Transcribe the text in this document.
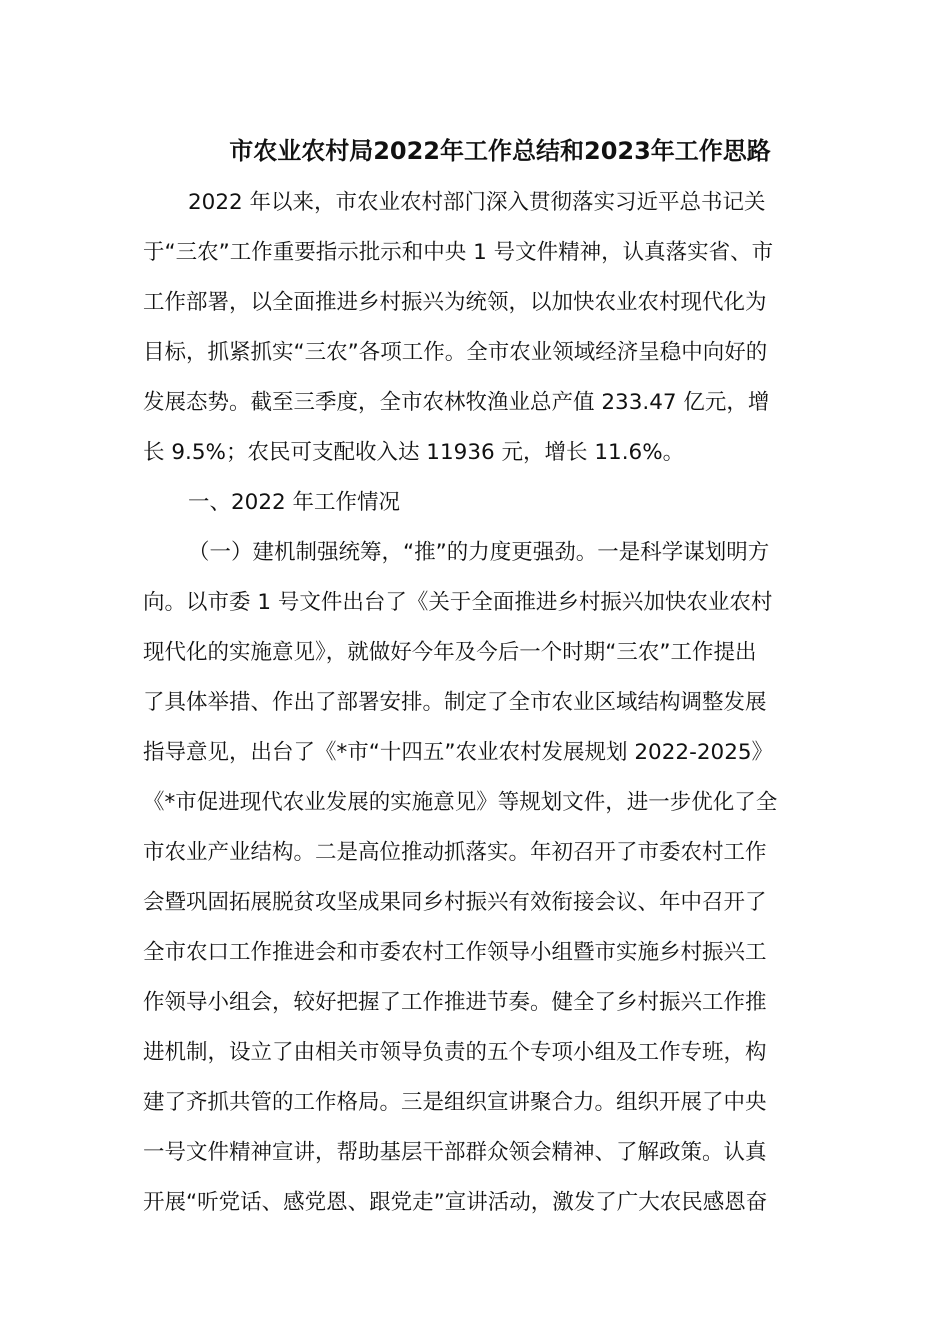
市农业农村局2022年工作总结和2023年工作思路
2022 年以来，市农业农村部门深入贯彻落实习近平总书记关
于“三农”工作重要指示批示和中央 1 号文件精神，认真落实省、市
工作部署，以全面推进乡村振兴为统领，以加快农业农村现代化为
目标，抓紧抓实“三农”各项工作。全市农业领域经济呈稳中向好的
发展态势。截至三季度，全市农林牧渔业总产值 233.47 亿元，增
长 9.5%；农民可支配收入达 11936 元，增长 11.6%。
一、2022 年工作情况
（一）建机制强统筹，“推”的力度更强劲。一是科学谋划明方
向。以市委 1 号文件出台了《关于全面推进乡村振兴加快农业农村
现代化的实施意见》，就做好今年及今后一个时期“三农”工作提出
了具体举措、作出了部署安排。制定了全市农业区域结构调整发展
指导意见，出台了《*市“十四五”农业农村发展规划 2022-2025》
《*市促进现代农业发展的实施意见》等规划文件，进一步优化了全
市农业产业结构。二是高位推动抓落实。年初召开了市委农村工作
会暨巩固拓展脱贫攻坚成果同乡村振兴有效衔接会议、年中召开了
全市农口工作推进会和市委农村工作领导小组暨市实施乡村振兴工
作领导小组会，较好把握了工作推进节奏。健全了乡村振兴工作推
进机制，设立了由相关市领导负责的五个专项小组及工作专班，构
建了齐抓共管的工作格局。三是组织宣讲聚合力。组织开展了中央
一号文件精神宣讲，帮助基层干部群众领会精神、了解政策。认真
开展“听党话、感党恩、跟党走”宣讲活动，激发了广大农民感恩奋
